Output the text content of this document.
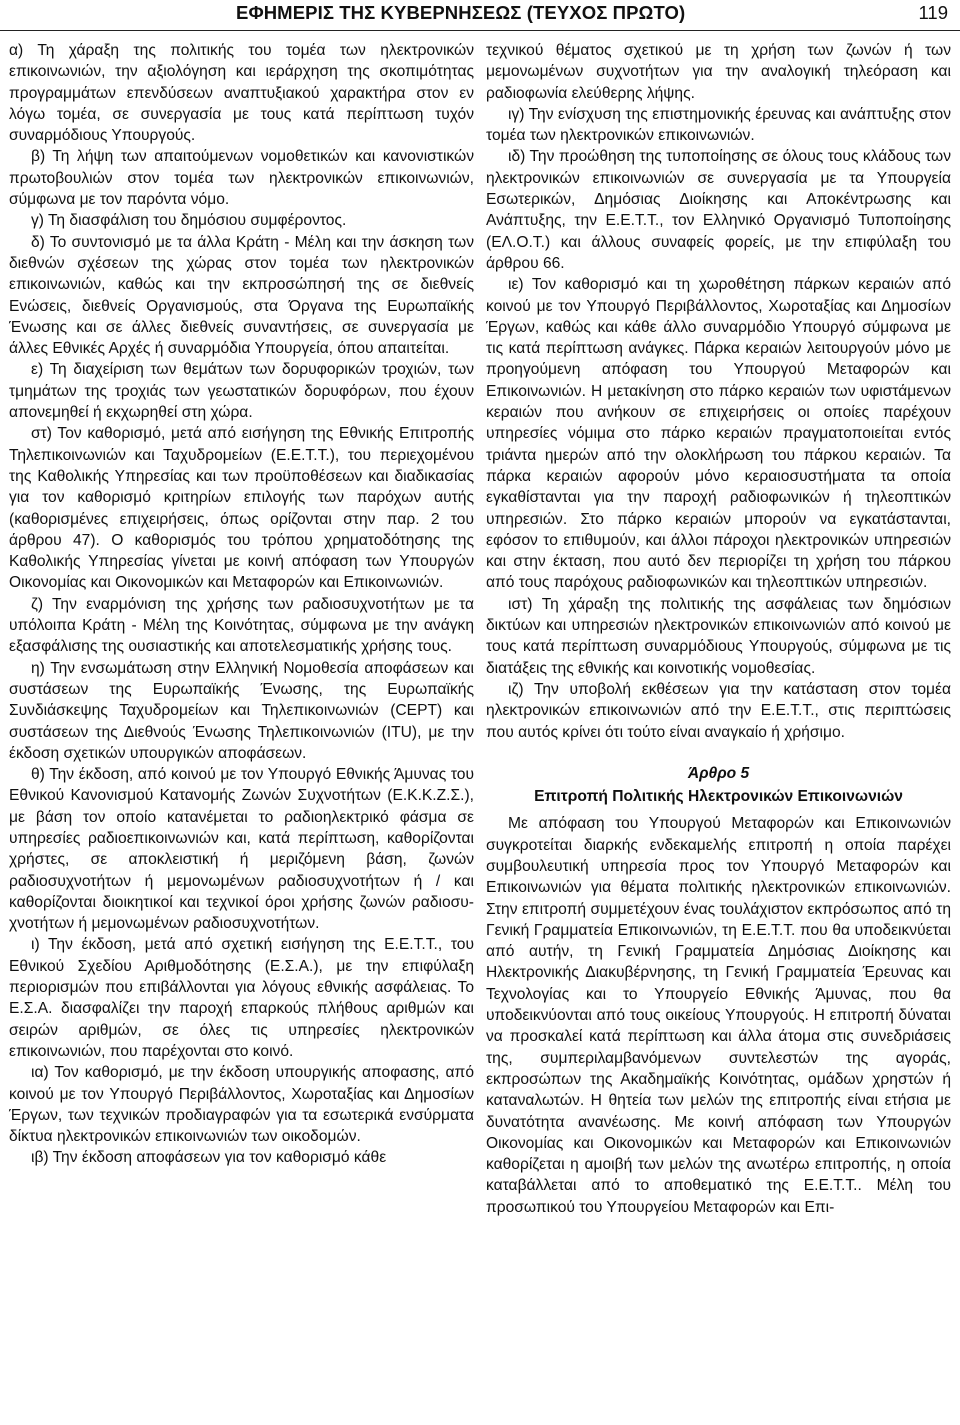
ΕΦΗΜΕΡΙΣ ΤΗΣ ΚΥΒΕΡΝΗΣΕΩΣ (ΤΕΥΧΟΣ ΠΡΩΤΟ)	119

α) Τη χάραξη της πολιτικής του τομέα των ηλεκτρονικών επικοινωνιών, την αξιολόγηση και ιεράρχηση της σκοπιμότητας προγραμμάτων επενδύσεων αναπτυξιακού χαρακτήρα στον εν λόγω τομέα, σε συνεργασία με τους κατά περίπτωση τυχόν συναρμόδιους Υπουργούς.

β) Τη λήψη των απαιτούμενων νομοθετικών και κανονιστικών πρωτοβουλιών στον τομέα των ηλεκτρονικών επικοινωνιών, σύμφωνα με τον παρόντα νόμο.

γ) Τη διασφάλιση του δημόσιου συμφέροντος.

δ) Το συντονισμό με τα άλλα Κράτη - Μέλη και την άσκηση των διεθνών σχέσεων της χώρας στον τομέα των ηλεκτρονικών επικοινωνιών, καθώς και την εκπροσώπησή της σε διεθνείς Ενώσεις, διεθνείς Οργανισμούς, στα Όργανα της Ευρωπαϊκής Ένωσης και σε άλλες διεθνείς συναντήσεις, σε συνεργασία με άλλες Εθνικές Αρχές ή συναρμόδια Υπουργεία, όπου απαιτείται.

ε) Τη διαχείριση των θεμάτων των δορυφορικών τροχιών, των τμημάτων της τροχιάς των γεωστατικών δορυφόρων, που έχουν απονεμηθεί ή εκχωρηθεί στη χώρα.

στ) Τον καθορισμό, μετά από εισήγηση της Εθνικής Επιτροπής Τηλεπικοινωνιών και Ταχυδρομείων (Ε.Ε.Τ.Τ.), του περιεχομένου της Καθολικής Υπηρεσίας και των προϋποθέσεων και διαδικασίας για τον καθορισμό κριτηρίων επιλογής των παρόχων αυτής (καθορισμένες επιχειρήσεις, όπως ορίζονται στην παρ. 2 του άρθρου 47). Ο καθορισμός του τρόπου χρηματοδότησης της Καθολικής Υπηρεσίας γίνεται με κοινή απόφαση των Υπουργών Οικονομίας και Οικονομικών και Μεταφορών και Επικοινωνιών.

ζ) Την εναρμόνιση της χρήσης των ραδιοσυχνοτήτων με τα υπόλοιπα Κράτη - Μέλη της Κοινότητας, σύμφωνα με την ανάγκη εξασφάλισης της ουσιαστικής και αποτελεσματικής χρήσης τους.

η) Την ενσωμάτωση στην Ελληνική Νομοθεσία αποφάσεων και συστάσεων της Ευρωπαϊκής Ένωσης, της Ευρωπαϊκής Συνδιάσκεψης Ταχυδρομείων και Τηλεπικοινωνιών (CEPT) και συστάσεων της Διεθνούς Ένωσης Τηλεπικοινωνιών (ITU), με την έκδοση σχετικών υπουργικών αποφάσεων.

θ) Την έκδοση, από κοινού με τον Υπουργό Εθνικής Άμυνας του Εθνικού Κανονισμού Κατανομής Ζωνών Συχνοτήτων (Ε.Κ.Κ.Ζ.Σ.), με βάση τον οποίο κατανέμεται το ραδιοηλεκτρικό φάσμα σε υπηρεσίες ραδιοεπικοινωνιών και, κατά περίπτωση, καθορίζονται χρήστες, σε αποκλειστική ή μεριζόμενη βάση, ζωνών ραδιοσυχνοτήτων ή μεμονωμένων ραδιοσυχνοτήτων ή / και καθορίζονται διοικητικοί και τεχνικοί όροι χρήσης ζωνών ραδιοσυχνοτήτων ή μεμονωμένων ραδιοσυχνοτήτων.

ι) Την έκδοση, μετά από σχετική εισήγηση της Ε.Ε.Τ.Τ., του Εθνικού Σχεδίου Αριθμοδότησης (Ε.Σ.Α.), με την επιφύλαξη περιορισμών που επιβάλλονται για λόγους εθνικής ασφάλειας. Το Ε.Σ.Α. διασφαλίζει την παροχή επαρκούς πλήθους αριθμών και σειρών αριθμών, σε όλες τις υπηρεσίες ηλεκτρονικών επικοινωνιών, που παρέχονται στο κοινό.

ια) Τον καθορισμό, με την έκδοση υπουργικής αποφασης, από κοινού με τον Υπουργό Περιβάλλοντος, Χωροταξίας και Δημοσίων Έργων, των τεχνικών προδιαγραφών για τα εσωτερικά ενσύρματα δίκτυα ηλεκτρονικών επικοινωνιών των οικοδομών.

ιβ) Την έκδοση αποφάσεων για τον καθορισμό κάθε

τεχνικού θέματος σχετικού με τη χρήση των ζωνών ή των μεμονωμένων συχνοτήτων για την αναλογική τηλεόραση και ραδιοφωνία ελεύθερης λήψης.

ιγ) Την ενίσχυση της επιστημονικής έρευνας και ανάπτυξης στον τομέα των ηλεκτρονικών επικοινωνιών.

ιδ) Την προώθηση της τυποποίησης σε όλους τους κλάδους των ηλεκτρονικών επικοινωνιών σε συνεργασία με τα Υπουργεία Εσωτερικών, Δημόσιας Διοίκησης και Αποκέντρωσης και Ανάπτυξης, την Ε.Ε.Τ.Τ., τον Ελληνικό Οργανισμό Τυποποίησης (ΕΛ.Ο.Τ.) και άλλους συναφείς φορείς, με την επιφύλαξη του άρθρου 66.

ιε) Τον καθορισμό και τη χωροθέτηση πάρκων κεραιών από κοινού με τον Υπουργό Περιβάλλοντος, Χωροταξίας και Δημοσίων Έργων, καθώς και κάθε άλλο συναρμόδιο Υπουργό σύμφωνα με τις κατά περίπτωση ανάγκες. Πάρκα κεραιών λειτουργούν μόνο με προηγούμενη απόφαση του Υπουργού Μεταφορών και Επικοινωνιών. Η μετακίνηση στο πάρκο κεραιών των υφιστάμενων κεραιών που ανήκουν σε επιχειρήσεις οι οποίες παρέχουν υπηρεσίες νόμιμα στο πάρκο κεραιών πραγματοποιείται εντός τριάντα ημερών από την ολοκλήρωση του πάρκου κεραιών. Τα πάρκα κεραιών αφορούν μόνο κεραιοσυστήματα τα οποία εγκαθίστανται για την παροχή ραδιοφωνικών ή τηλεοπτικών υπηρεσιών. Στο πάρκο κεραιών μπορούν να εγκατάστανται, εφόσον το επιθυμούν, και άλλοι πάροχοι ηλεκτρονικών υπηρεσιών και στην έκταση, που αυτό δεν περιορίζει τη χρήση του πάρκου από τους παρόχους ραδιοφωνικών και τηλεοπτικών υπηρεσιών.

ιστ) Τη χάραξη της πολιτικής της ασφάλειας των δημόσιων δικτύων και υπηρεσιών ηλεκτρονικών επικοινωνιών από κοινού με τους κατά περίπτωση συναρμόδιους Υπουργούς, σύμφωνα με τις διατάξεις της εθνικής και κοινοτικής νομοθεσίας.

ιζ) Την υποβολή εκθέσεων για την κατάσταση στον τομέα ηλεκτρονικών επικοινωνιών από την Ε.Ε.Τ.Τ., στις περιπτώσεις που αυτός κρίνει ότι τούτο είναι αναγκαίο ή χρήσιμο.

Άρθρο 5

Επιτροπή Πολιτικής Ηλεκτρονικών Επικοινωνιών

Με απόφαση του Υπουργού Μεταφορών και Επικοινωνιών συγκροτείται διαρκής ενδεκαμελής επιτροπή η οποία παρέχει συμβουλευτική υπηρεσία προς τον Υπουργό Μεταφορών και Επικοινωνιών για θέματα πολιτικής ηλεκτρονικών επικοινωνιών. Στην επιτροπή συμμετέχουν ένας τουλάχιστον εκπρόσωπος από τη Γενική Γραμματεία Επικοινωνιών, τη Ε.Ε.Τ.Τ. που θα υποδεικνύεται από αυτήν, τη Γενική Γραμματεία Δημόσιας Διοίκησης και Ηλεκτρονικής Διακυβέρνησης, τη Γενική Γραμματεία Έρευνας και Τεχνολογίας και το Υπουργείο Εθνικής Άμυνας, που θα υποδεικνύονται από τους οικείους Υπουργούς. Η επιτροπή δύναται να προσκαλεί κατά περίπτωση και άλλα άτομα στις συνεδριάσεις της, συμπεριλαμβανόμενων συντελεστών της αγοράς, εκπροσώπων της Ακαδημαϊκής Κοινότητας, ομάδων χρηστών ή καταναλωτών. Η θητεία των μελών της επιτροπής είναι ετήσια με δυνατότητα ανανέωσης. Με κοινή απόφαση των Υπουργών Οικονομίας και Οικονομικών και Μεταφορών και Επικοινωνιών καθορίζεται η αμοιβή των μελών της ανωτέρω επιτροπής, η οποία καταβάλλεται από το αποθεματικό της Ε.Ε.Τ.Τ.. Μέλη του προσωπικού του Υπουργείου Μεταφορών και Επι-
